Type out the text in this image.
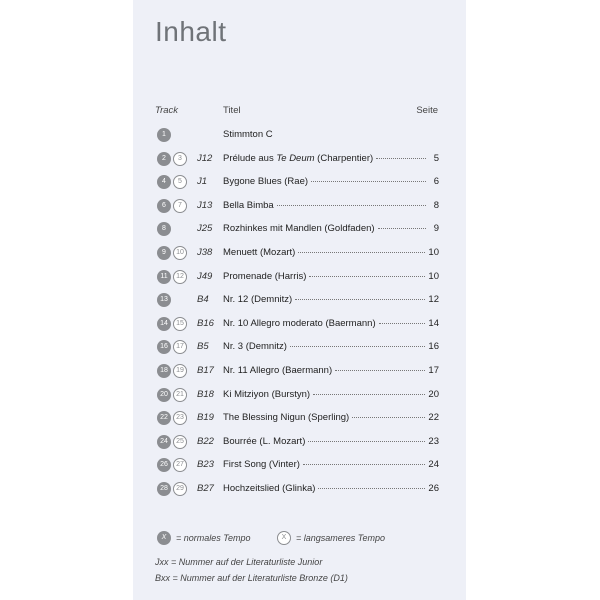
Inhalt
Track	Titel	Seite
1	Stimmton C
2	3	J12 Prélude aus Te Deum (Charpentier)	5
4	5	J1 Bygone Blues (Rae)	6
6	7	J13 Bella Bimba	8
8	J25 Rozhinkes mit Mandlen (Goldfaden)	9
9	10	J38 Menuett (Mozart)	10
11	12	J49 Promenade (Harris)	10
13	B4 Nr. 12 (Demnitz)	12
14	15	B16 Nr. 10 Allegro moderato (Baermann)	14
16	17	B5 Nr. 3 (Demnitz)	16
18	19	B17 Nr. 11 Allegro (Baermann)	17
20	21	B18 Ki Mitziyon (Burstyn)	20
22	23	B19 The Blessing Nigun (Sperling)	22
24	25	B22 Bourrée (L. Mozart)	23
26	27	B23 First Song (Vinter)	24
28	29	B27 Hochzeitslied (Glinka)	26
X	= normales Tempo	X	= langsameres Tempo
Jxx = Nummer auf der Literaturliste Junior
Bxx = Nummer auf der Literaturliste Bronze (D1)
